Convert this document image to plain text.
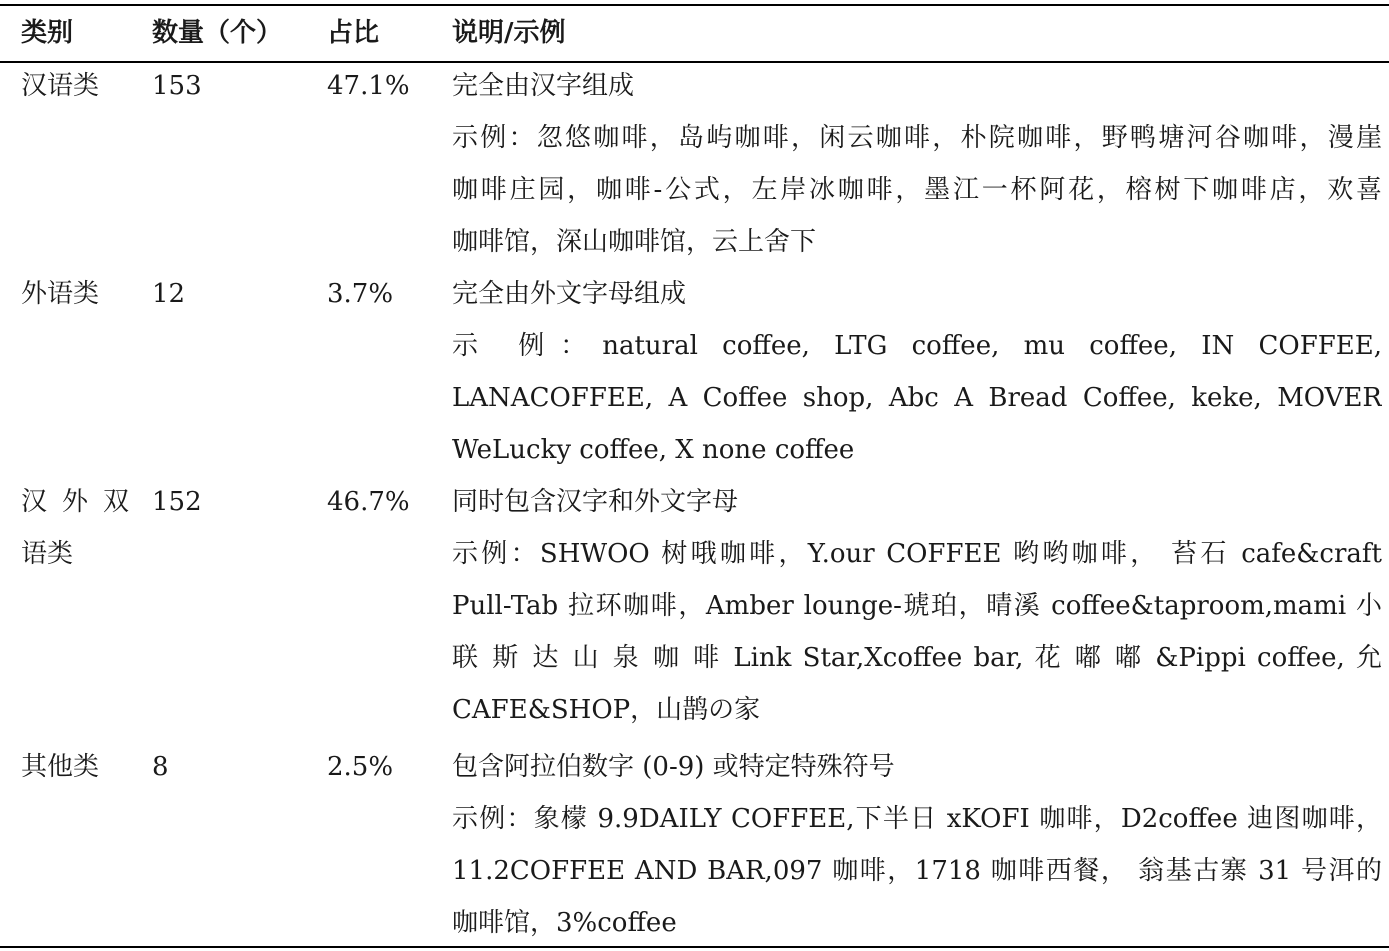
类别	数量（个） 占比	说明/示例
汉语类 153	47.1% 完全由汉字组成
示例：忽悠咖啡，岛屿咖啡，闲云咖啡，朴院咖啡，野鸭塘河谷咖啡，漫崖
咖啡庄园，咖啡-公式，左岸冰咖啡，墨江一杯阿花，榕树下咖啡店，欢喜
咖啡馆，深山咖啡馆，云上舍下
外语类 12	3.7% 完全由外文字母组成
示 例：natural coffee, LTG coffee, mu coffee, IN COFFEE,
LANACOFFEE, A Coffee shop, Abc A Bread Coffee, keke, MOVER
WeLucky coffee, X none coffee
汉 外 双
语类
152	46.7% 同时包含汉字和外文字母
示例：SHWOO 树哦咖啡，Y.our COFFEE 哟哟咖啡， 苔石 cafe&craft
Pull-Tab 拉环咖啡，Amber lounge-琥珀，晴溪 coffee&taproom,mami 小
联 斯 达 山 泉 咖 啡 Link Star,Xcoffee bar, 花 嘟 嘟 &Pippi coffee, 允
CAFE&SHOP，山鹊の家
其他类 8	2.5% 包含阿拉伯数字 (0-9) 或特定特殊符号
示例：象檬 9.9DAILY COFFEE,下半日 xKOFI 咖啡，D2coffee 迪图咖啡，
11.2COFFEE AND BAR,097 咖啡，1718 咖啡西餐， 翁基古寨 31 号洱的
咖啡馆，3%coffee
